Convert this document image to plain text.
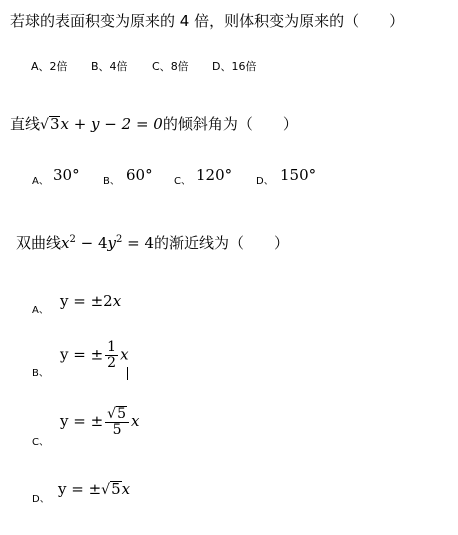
若球的表面积变为原来的 4 倍，则体积变为原来的（　　）
A、2倍 B、4倍 C、8倍 D、16倍
直线√3x + y − 2 = 0的倾斜角为（　　）
A、 30° B、 60° C、 120° D、 150°
双曲线$x^2 - 4y^2 = 4$的渐近线为（　　）
A、
y = ±2x
B、
y = ± $\frac{1}{2}$ x
C、
y = ± $\frac{√5}{5}$ x
D、
y = ±√5x
